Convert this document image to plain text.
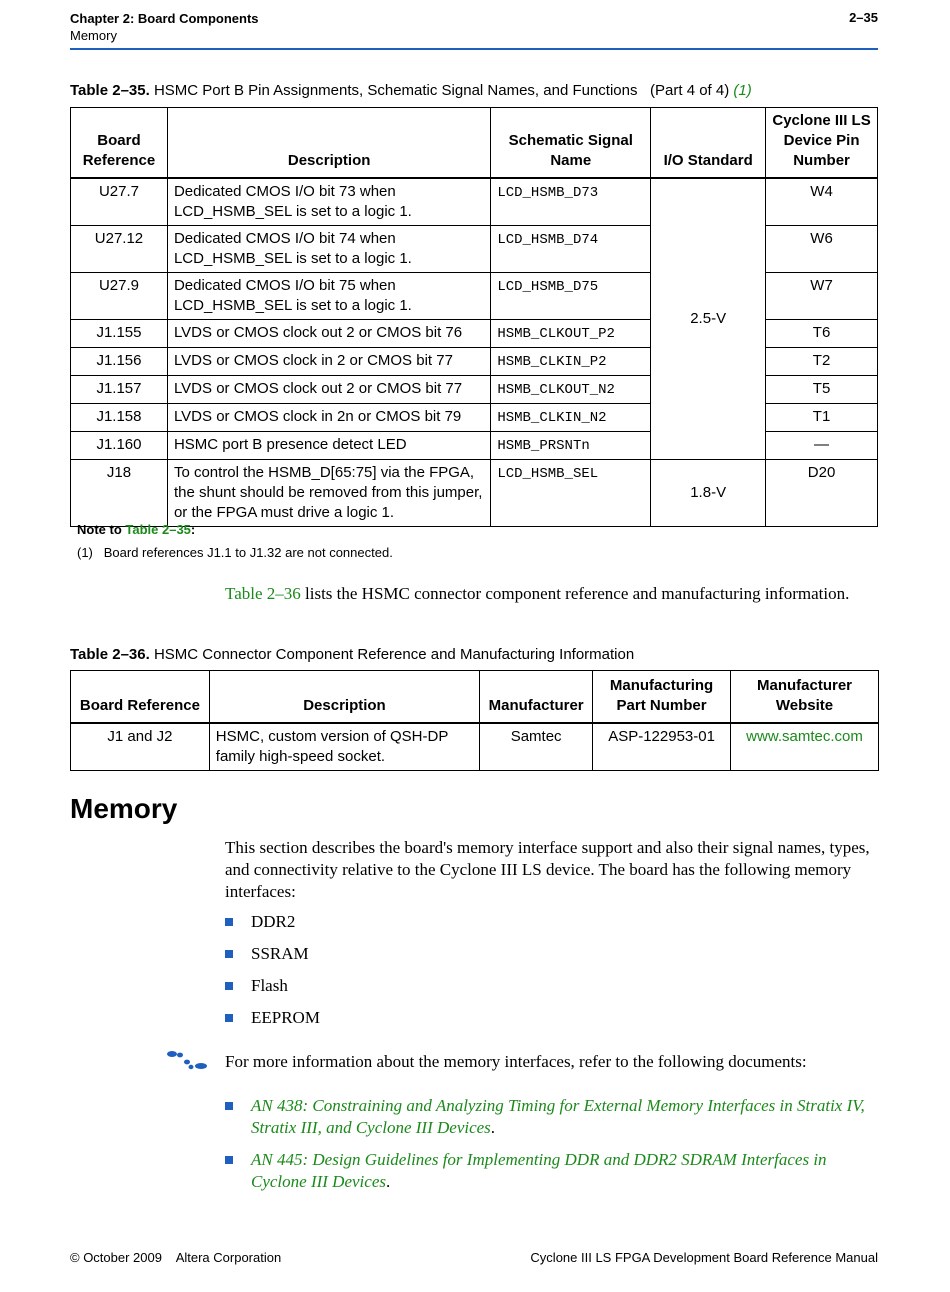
Chapter 2: Board Components
Memory
2–35
Table 2–35. HSMC Port B Pin Assignments, Schematic Signal Names, and Functions (Part 4 of 4) (1)
Board Reference	Description	Schematic Signal Name	I/O Standard	Cyclone III LS Device Pin Number
U27.7	Dedicated CMOS I/O bit 73 when LCD_HSMB_SEL is set to a logic 1.	LCD_HSMB_D73	2.5-V	W4
U27.12	Dedicated CMOS I/O bit 74 when LCD_HSMB_SEL is set to a logic 1.	LCD_HSMB_D74		W6
U27.9	Dedicated CMOS I/O bit 75 when LCD_HSMB_SEL is set to a logic 1.	LCD_HSMB_D75		W7
J1.155	LVDS or CMOS clock out 2 or CMOS bit 76	HSMB_CLKOUT_P2		T6
J1.156	LVDS or CMOS clock in 2 or CMOS bit 77	HSMB_CLKIN_P2		T2
J1.157	LVDS or CMOS clock out 2 or CMOS bit 77	HSMB_CLKOUT_N2		T5
J1.158	LVDS or CMOS clock in 2n or CMOS bit 79	HSMB_CLKIN_N2		T1
J1.160	HSMC port B presence detect LED	HSMB_PRSNTn		—
J18	To control the HSMB_D[65:75] via the FPGA, the shunt should be removed from this jumper, or the FPGA must drive a logic 1.	LCD_HSMB_SEL	1.8-V	D20
Note to Table 2–35:
(1) Board references J1.1 to J1.32 are not connected.
Table 2–36 lists the HSMC connector component reference and manufacturing information.
Table 2–36. HSMC Connector Component Reference and Manufacturing Information
Board Reference	Description	Manufacturer	Manufacturing Part Number	Manufacturer Website
J1 and J2	HSMC, custom version of QSH-DP family high-speed socket.	Samtec	ASP-122953-01	www.samtec.com
Memory
This section describes the board's memory interface support and also their signal names, types, and connectivity relative to the Cyclone III LS device. The board has the following memory interfaces:
DDR2
SSRAM
Flash
EEPROM
For more information about the memory interfaces, refer to the following documents:
AN 438: Constraining and Analyzing Timing for External Memory Interfaces in Stratix IV, Stratix III, and Cyclone III Devices.
AN 445: Design Guidelines for Implementing DDR and DDR2 SDRAM Interfaces in Cyclone III Devices.
© October 2009    Altera Corporation	Cyclone III LS FPGA Development Board Reference Manual
